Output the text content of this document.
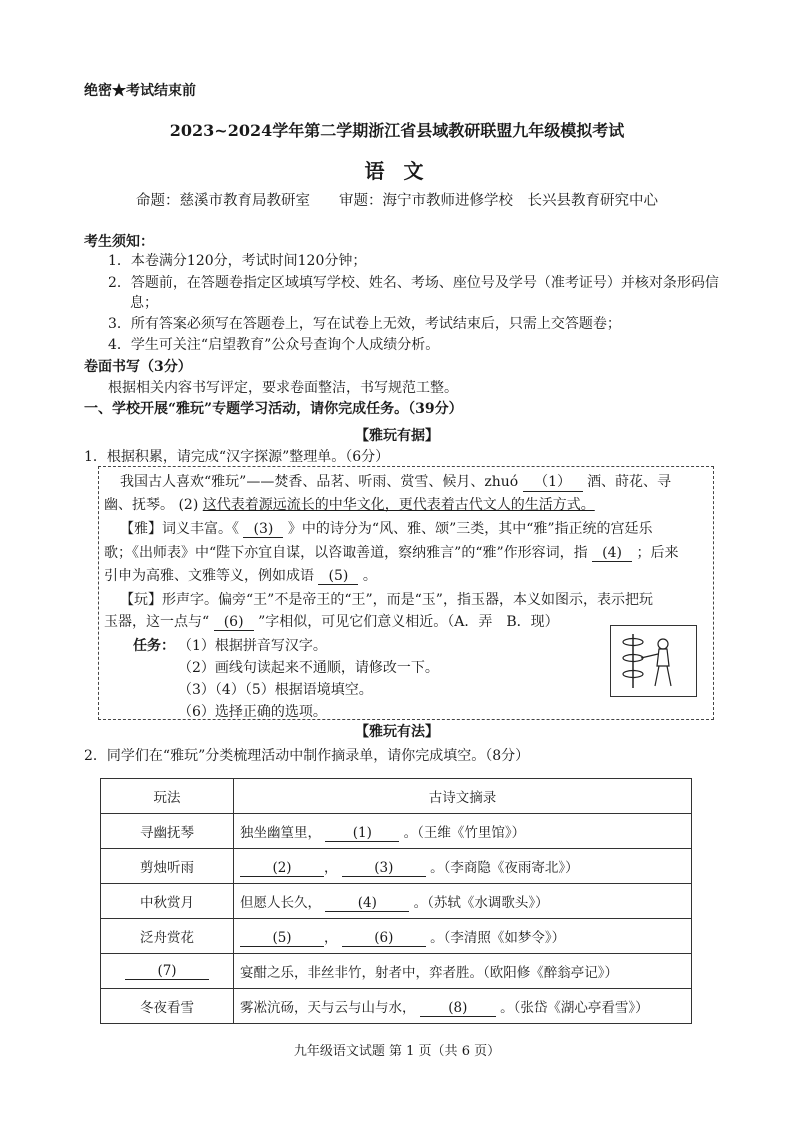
绝密★考试结束前
2023~2024学年第二学期浙江省县域教研联盟九年级模拟考试
语 文
命题：慈溪市教育局教研室　　审题：海宁市教师进修学校　长兴县教育研究中心
考生须知：
1．本卷满分120分，考试时间120分钟；
2．答题前，在答题卷指定区域填写学校、姓名、考场、座位号及学号（准考证号）并核对条形码信
息；
3．所有答案必须写在答题卷上，写在试卷上无效，考试结束后，只需上交答题卷；
4．学生可关注“启望教育”公众号查询个人成绩分析。
卷面书写（3分）
根据相关内容书写评定，要求卷面整洁，书写规范工整。
一、学校开展“雅玩”专题学习活动，请你完成任务。（39分）
【雅玩有据】
1．根据积累，请完成“汉字探源”整理单。（6分）
我国古人喜欢“雅玩”——焚香、品茗、听雨、赏雪、候月、zhuó （1） 酒、莳花、寻
幽、抚琴。 (2) 这代表着源远流长的中华文化，更代表着古代文人的生活方式。
【雅】词义丰富。《 (3) 》中的诗分为“风、雅、颂”三类，其中“雅”指正统的宫廷乐
歌；《出师表》中“陛下亦宜自谋，以咨诹善道，察纳雅言”的“雅”作形容词，指 (4) ；后来
引申为高雅、文雅等义，例如成语 (5) 。
【玩】形声字。偏旁“王”不是帝王的“王”，而是“玉”，指玉器，本义如图示，表示把玩
玉器，这一点与“ (6) ”字相似，可见它们意义相近。（A．弄　B．现）
任务： （1）根据拼音写汉字。
（2）画线句读起来不通顺，请修改一下。
（3）（4）（5）根据语境填空。
（6）选择正确的选项。
【雅玩有法】
2．同学们在“雅玩”分类梳理活动中制作摘录单，请你完成填空。（8分）
玩法	古诗文摘录
寻幽抚琴	独坐幽篁里， (1) 。（王维《竹里馆》）
剪烛听雨	(2) ， (3) 。（李商隐《夜雨寄北》）
中秋赏月	但愿人长久， (4) 。（苏轼《水调歌头》）
泛舟赏花	(5) ， (6) 。（李清照《如梦令》）
(7)	宴酣之乐，非丝非竹，射者中，弈者胜。（欧阳修《醉翁亭记》）
冬夜看雪	雾凇沆砀，天与云与山与水， (8) 。（张岱《湖心亭看雪》）
九年级语文试题 第 1 页（共 6 页）
